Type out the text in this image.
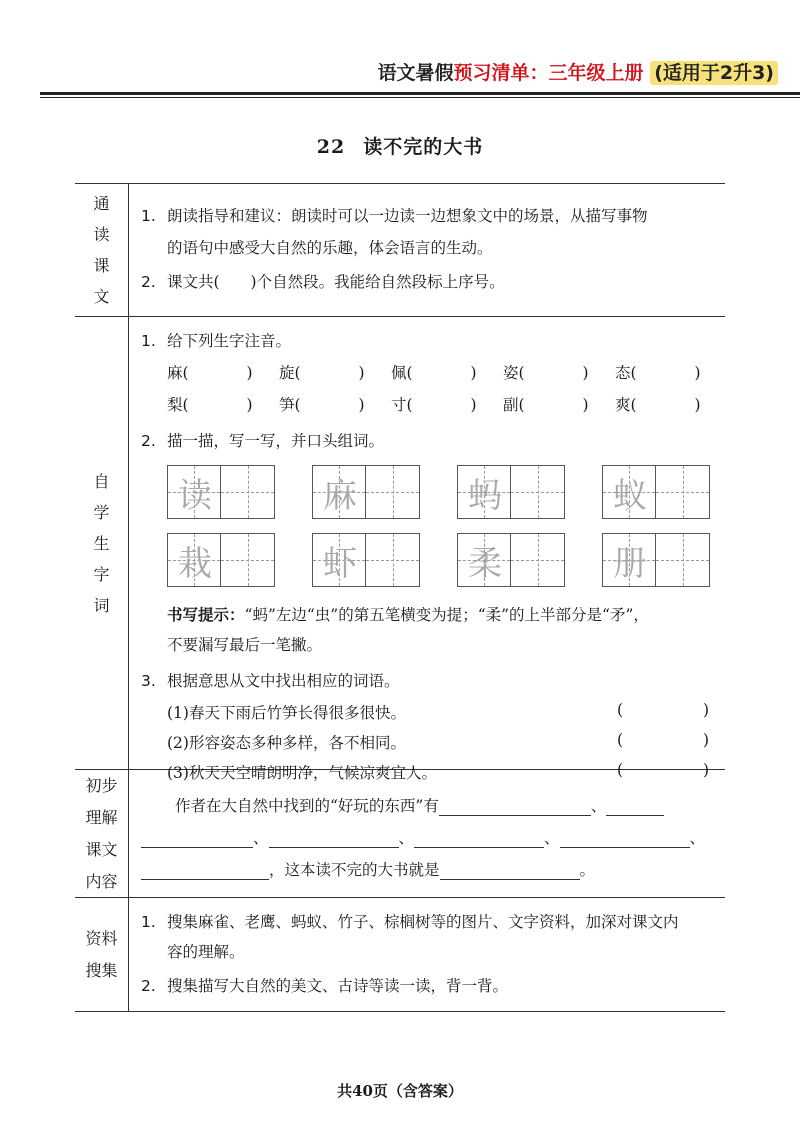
语文暑假预习清单：三年级上册 (适用于2升3)
22 读不完的大书
通
读
课
文
1. 朗读指导和建议：朗读时可以一边读一边想象文中的场景，从描写事物
的语句中感受大自然的乐趣，体会语言的生动。
2. 课文共(　　)个自然段。我能给自然段标上序号。
自
学
生
字
词
1. 给下列生字注音。
麻(	) 旋(	) 佩(	) 姿(	) 态(	)
梨(	) 笋(	) 寸(	) 副(	) 爽(	)
2. 描一描，写一写，并口头组词。
读	麻	蚂	蚁
栽	虾	柔	册
书写提示：“蚂”左边“虫”的第五笔横变为提；“柔”的上半部分是“矛”，
不要漏写最后一笔撇。
3. 根据意思从文中找出相应的词语。
(1)春天下雨后竹笋长得很多很快。	(	)
(2)形容姿态多种多样，各不相同。	(	)
(3)秋天天空晴朗明净，气候凉爽宜人。	(	)
初步
理解
课文
内容
作者在大自然中找到的“好玩的东西”有	、
、	、	、	、
，这本读不完的大书就是	。
资料
搜集
1. 搜集麻雀、老鹰、蚂蚁、竹子、棕榈树等的图片、文字资料，加深对课文内
容的理解。
2. 搜集描写大自然的美文、古诗等读一读，背一背。
共40页（含答案）
